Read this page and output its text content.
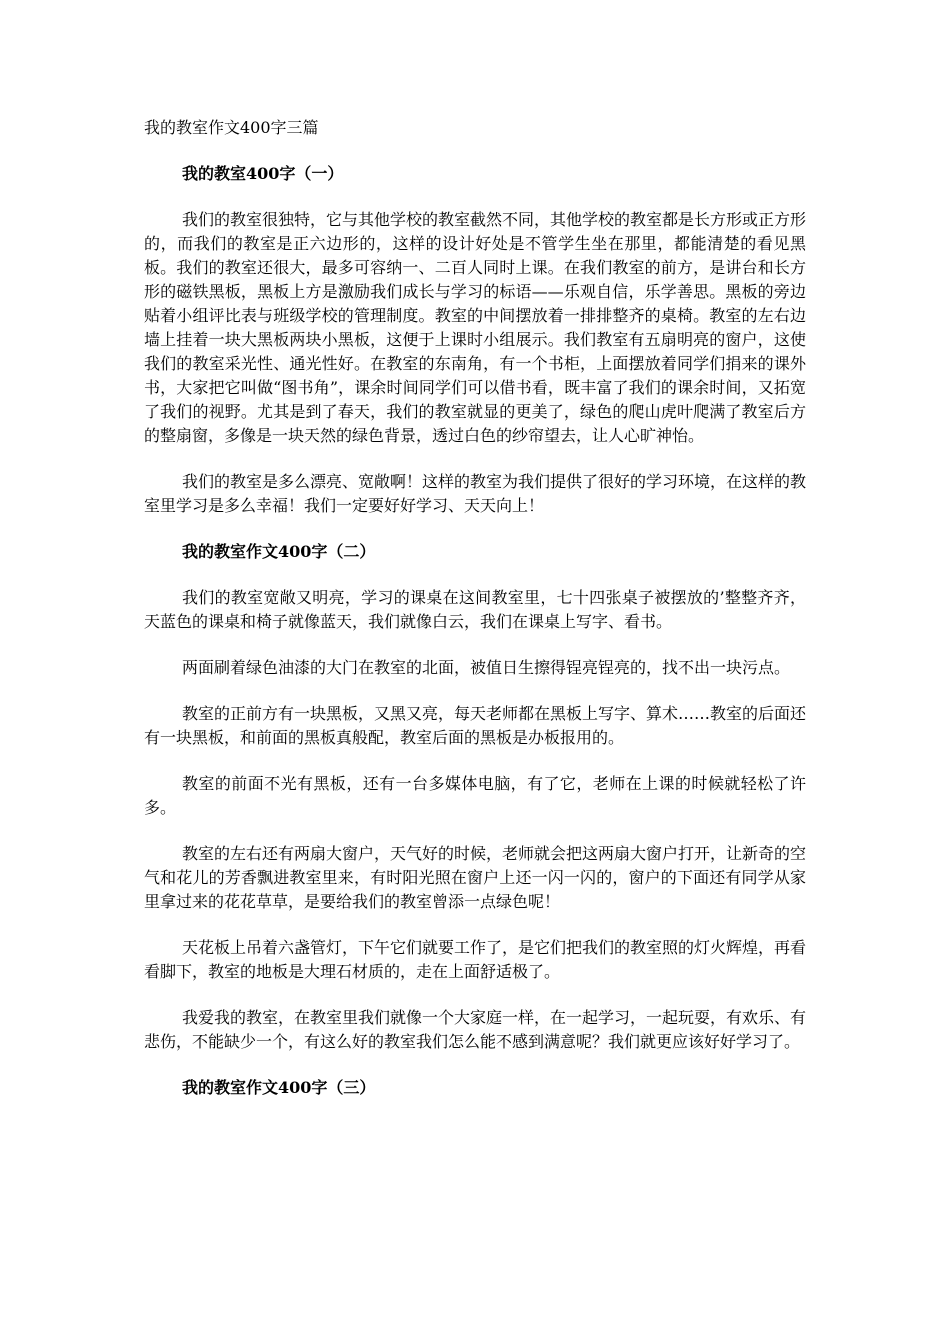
我的教室作文400字三篇
我的教室400字（一）

我们的教室很独特，它与其他学校的教室截然不同，其他学校的教室都是长方形或正方形的，而我们的教室是正六边形的，这样的设计好处是不管学生坐在那里，都能清楚的看见黑板。我们的教室还很大，最多可容纳一、二百人同时上课。在我们教室的前方，是讲台和长方形的磁铁黑板，黑板上方是激励我们成长与学习的标语——乐观自信，乐学善思。黑板的旁边贴着小组评比表与班级学校的管理制度。教室的中间摆放着一排排整齐的桌椅。教室的左右边墙上挂着一块大黑板两块小黑板，这便于上课时小组展示。我们教室有五扇明亮的窗户，这使我们的教室采光性、通光性好。在教室的东南角，有一个书柜，上面摆放着同学们捐来的课外书，大家把它叫做“图书角”，课余时间同学们可以借书看，既丰富了我们的课余时间，又拓宽了我们的视野。尤其是到了春天，我们的教室就显的更美了，绿色的爬山虎叶爬满了教室后方的整扇窗，多像是一块天然的绿色背景，透过白色的纱帘望去，让人心旷神怡。

我们的教室是多么漂亮、宽敞啊！这样的教室为我们提供了很好的学习环境，在这样的教室里学习是多么幸福！我们一定要好好学习、天天向上！

我的教室作文400字（二）

我们的教室宽敞又明亮，学习的课桌在这间教室里，七十四张桌子被摆放的’整整齐齐，天蓝色的课桌和椅子就像蓝天，我们就像白云，我们在课桌上写字、看书。

两面刷着绿色油漆的大门在教室的北面，被值日生擦得锃亮锃亮的，找不出一块污点。

教室的正前方有一块黑板，又黑又亮，每天老师都在黑板上写字、算术……教室的后面还有一块黑板，和前面的黑板真般配，教室后面的黑板是办板报用的。

教室的前面不光有黑板，还有一台多媒体电脑，有了它，老师在上课的时候就轻松了许多。

教室的左右还有两扇大窗户，天气好的时候，老师就会把这两扇大窗户打开，让新奇的空气和花儿的芳香飘进教室里来，有时阳光照在窗户上还一闪一闪的，窗户的下面还有同学从家里拿过来的花花草草，是要给我们的教室曾添一点绿色呢！

天花板上吊着六盏管灯，下午它们就要工作了，是它们把我们的教室照的灯火辉煌，再看看脚下，教室的地板是大理石材质的，走在上面舒适极了。

我爱我的教室，在教室里我们就像一个大家庭一样，在一起学习，一起玩耍，有欢乐、有悲伤，不能缺少一个，有这么好的教室我们怎么能不感到满意呢？我们就更应该好好学习了。

我的教室作文400字（三）
